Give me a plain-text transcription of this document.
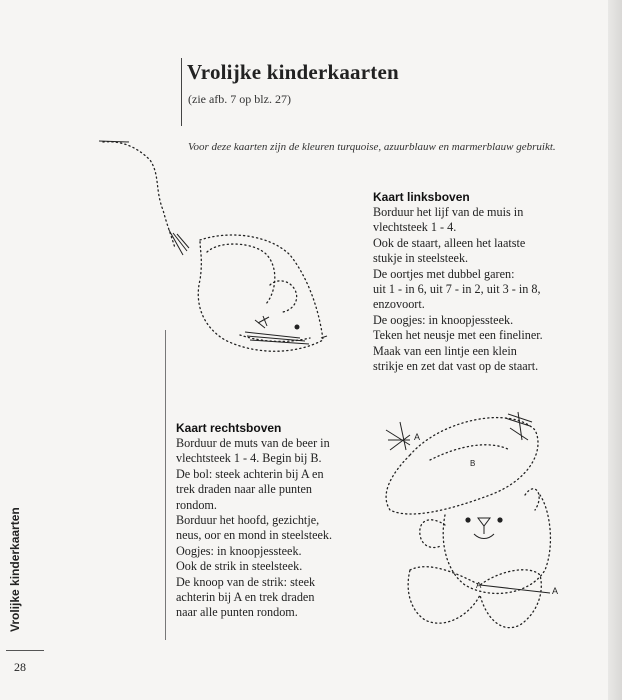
Vrolijke kinderkaarten
(zie afb. 7 op blz. 27)
Voor deze kaarten zijn de kleuren turquoise, azuurblauw en marmerblauw gebruikt.
A
B
A
A
Kaart linksboven
Borduur het lijf van de muis in
vlechtsteek 1 - 4.
Ook de staart, alleen het laatste
stukje in steelsteek.
De oortjes met dubbel garen:
uit 1 - in 6, uit 7 - in 2, uit 3 - in 8,
enzovoort.
De oogjes: in knoopjessteek.
Teken het neusje met een fineliner.
Maak van een lintje een klein
strikje en zet dat vast op de staart.
Kaart rechtsboven
Borduur de muts van de beer in
vlechtsteek 1 - 4. Begin bij B.
De bol: steek achterin bij A en
trek draden naar alle punten
rondom.
Borduur het hoofd, gezichtje,
neus, oor en mond in steelsteek.
Oogjes: in knoopjessteek.
Ook de strik in steelsteek.
De knoop van de strik: steek
achterin bij A en trek draden
naar alle punten rondom.
Vrolijke kinderkaarten
28
